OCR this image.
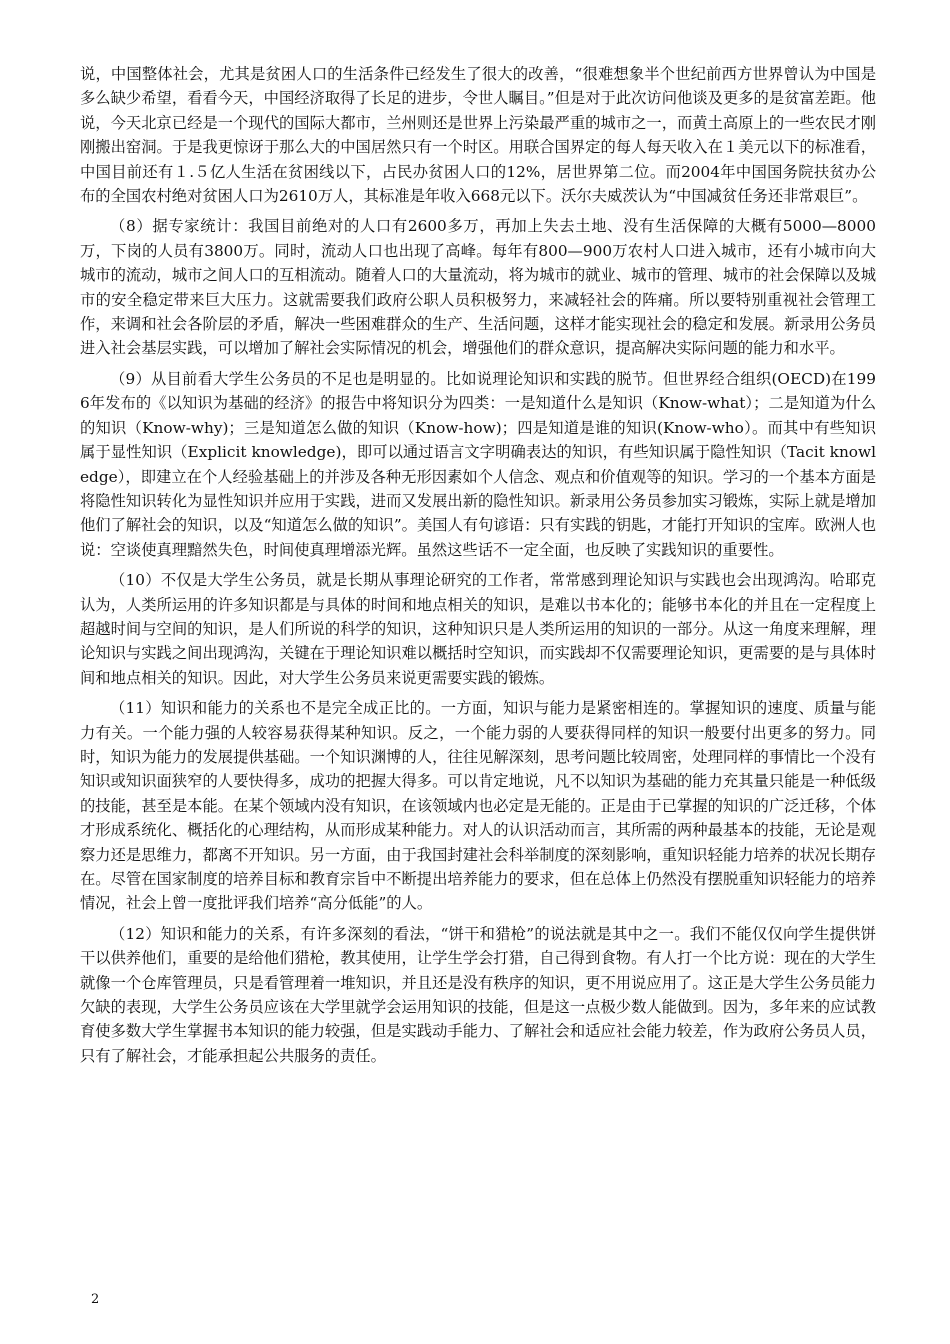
说，中国整体社会，尤其是贫困人口的生活条件已经发生了很大的改善，“很难想象半个世纪前西方世界曾认为中国是多么缺少希望，看看今天，中国经济取得了长足的进步，令世人瞩目。”但是对于此次访问他谈及更多的是贫富差距。他说，今天北京已经是一个现代的国际大都市，兰州则还是世界上污染最严重的城市之一，而黄土高原上的一些农民才刚刚搬出窑洞。于是我更惊讶于那么大的中国居然只有一个时区。用联合国界定的每人每天收入在１美元以下的标准看，中国目前还有１.５亿人生活在贫困线以下，占民办贫困人口的12%，居世界第二位。而2004年中国国务院扶贫办公布的全国农村绝对贫困人口为2610万人，其标准是年收入668元以下。沃尔夫威茨认为“中国减贫任务还非常艰巨”。

（8）据专家统计：我国目前绝对的人口有2600多万，再加上失去土地、没有生活保障的大概有5000—8000万，下岗的人员有3800万。同时，流动人口也出现了高峰。每年有800—900万农村人口进入城市，还有小城市向大城市的流动，城市之间人口的互相流动。随着人口的大量流动，将为城市的就业、城市的管理、城市的社会保障以及城市的安全稳定带来巨大压力。这就需要我们政府公职人员积极努力，来减轻社会的阵痛。所以要特别重视社会管理工作，来调和社会各阶层的矛盾，解决一些困难群众的生产、生活问题，这样才能实现社会的稳定和发展。新录用公务员进入社会基层实践，可以增加了解社会实际情况的机会，增强他们的群众意识，提高解决实际问题的能力和水平。

（9）从目前看大学生公务员的不足也是明显的。比如说理论知识和实践的脱节。但世界经合组织(OECD)在1996年发布的《以知识为基础的经济》的报告中将知识分为四类：一是知道什么是知识（Know-what）；二是知道为什么的知识（Know-why)；三是知道怎么做的知识（Know-how)；四是知道是谁的知识(Know-who）。而其中有些知识属于显性知识（Explicit knowledge)，即可以通过语言文字明确表达的知识，有些知识属于隐性知识（Tacit knowledge），即建立在个人经验基础上的并涉及各种无形因素如个人信念、观点和价值观等的知识。学习的一个基本方面是将隐性知识转化为显性知识并应用于实践，进而又发展出新的隐性知识。新录用公务员参加实习锻炼，实际上就是增加他们了解社会的知识，以及“知道怎么做的知识”。美国人有句谚语：只有实践的钥匙，才能打开知识的宝库。欧洲人也说：空谈使真理黯然失色，时间使真理增添光辉。虽然这些话不一定全面，也反映了实践知识的重要性。

（10）不仅是大学生公务员，就是长期从事理论研究的工作者，常常感到理论知识与实践也会出现鸿沟。哈耶克认为，人类所运用的许多知识都是与具体的时间和地点相关的知识，是难以书本化的；能够书本化的并且在一定程度上超越时间与空间的知识，是人们所说的科学的知识，这种知识只是人类所运用的知识的一部分。从这一角度来理解，理论知识与实践之间出现鸿沟，关键在于理论知识难以概括时空知识，而实践却不仅需要理论知识，更需要的是与具体时间和地点相关的知识。因此，对大学生公务员来说更需要实践的锻炼。

（11）知识和能力的关系也不是完全成正比的。一方面，知识与能力是紧密相连的。掌握知识的速度、质量与能力有关。一个能力强的人较容易获得某种知识。反之，一个能力弱的人要获得同样的知识一般要付出更多的努力。同时，知识为能力的发展提供基础。一个知识渊博的人，往往见解深刻，思考问题比较周密，处理同样的事情比一个没有知识或知识面狭窄的人要快得多，成功的把握大得多。可以肯定地说，凡不以知识为基础的能力充其量只能是一种低级的技能，甚至是本能。在某个领域内没有知识，在该领域内也必定是无能的。正是由于已掌握的知识的广泛迁移，个体才形成系统化、概括化的心理结构，从而形成某种能力。对人的认识活动而言，其所需的两种最基本的技能，无论是观察力还是思维力，都离不开知识。另一方面，由于我国封建社会科举制度的深刻影响，重知识轻能力培养的状况长期存在。尽管在国家制度的培养目标和教育宗旨中不断提出培养能力的要求，但在总体上仍然没有摆脱重知识轻能力的培养情况，社会上曾一度批评我们培养“高分低能”的人。

（12）知识和能力的关系，有许多深刻的看法，“饼干和猎枪”的说法就是其中之一。我们不能仅仅向学生提供饼干以供养他们，重要的是给他们猎枪，教其使用，让学生学会打猎，自己得到食物。有人打一个比方说：现在的大学生就像一个仓库管理员，只是看管理着一堆知识，并且还是没有秩序的知识，更不用说应用了。这正是大学生公务员能力欠缺的表现，大学生公务员应该在大学里就学会运用知识的技能，但是这一点极少数人能做到。因为，多年来的应试教育使多数大学生掌握书本知识的能力较强，但是实践动手能力、了解社会和适应社会能力较差，作为政府公务员人员，只有了解社会，才能承担起公共服务的责任。

2
